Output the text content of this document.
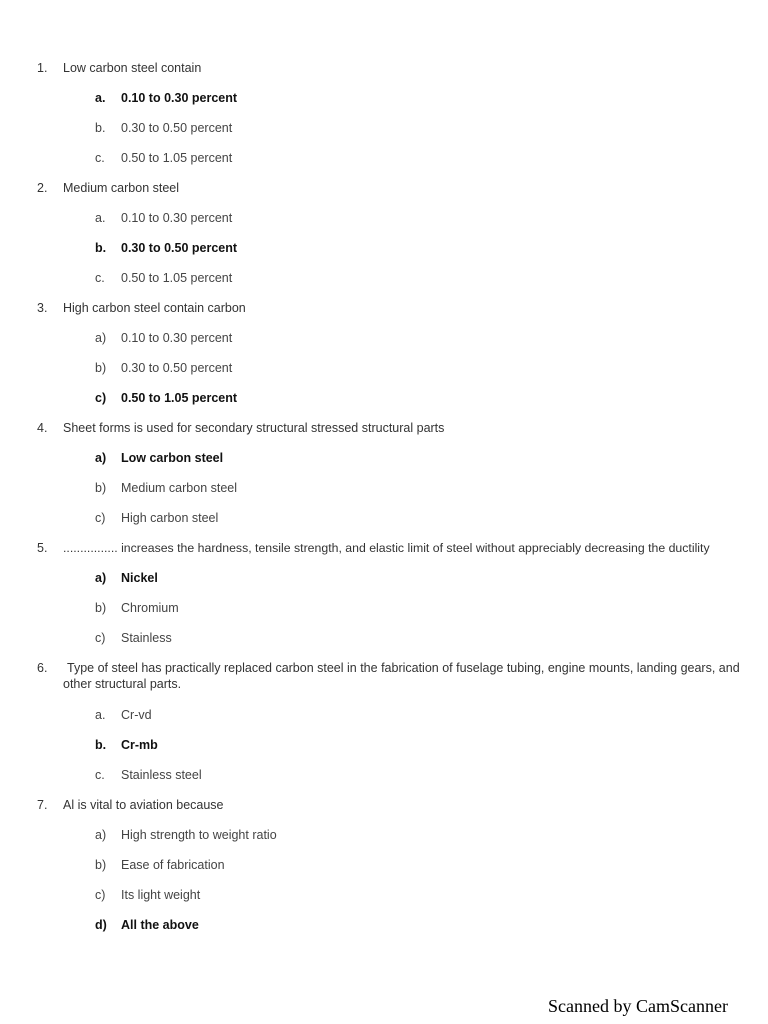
1. Low carbon steel contain
a. 0.10 to 0.30 percent
b. 0.30 to 0.50 percent
c. 0.50 to 1.05 percent
2. Medium carbon steel
a. 0.10 to 0.30 percent
b. 0.30 to 0.50 percent
c. 0.50 to 1.05 percent
3. High carbon steel contain carbon
a) 0.10 to 0.30 percent
b) 0.30 to 0.50 percent
c) 0.50 to 1.05 percent
4. Sheet forms is used for secondary structural stressed structural parts
a) Low carbon steel
b) Medium carbon steel
c) High carbon steel
5. ................ increases the hardness, tensile strength, and elastic limit of steel without appreciably decreasing the ductility
a) Nickel
b) Chromium
c) Stainless
6.	Type of steel has practically replaced carbon steel in the fabrication of fuselage tubing, engine mounts, landing gears, and other structural parts.
a. Cr-vd
b. Cr-mb
c. Stainless steel
7. Al is vital to aviation because
a) High strength to weight ratio
b) Ease of fabrication
c) Its light weight
d) All the above
Scanned by CamScanner
